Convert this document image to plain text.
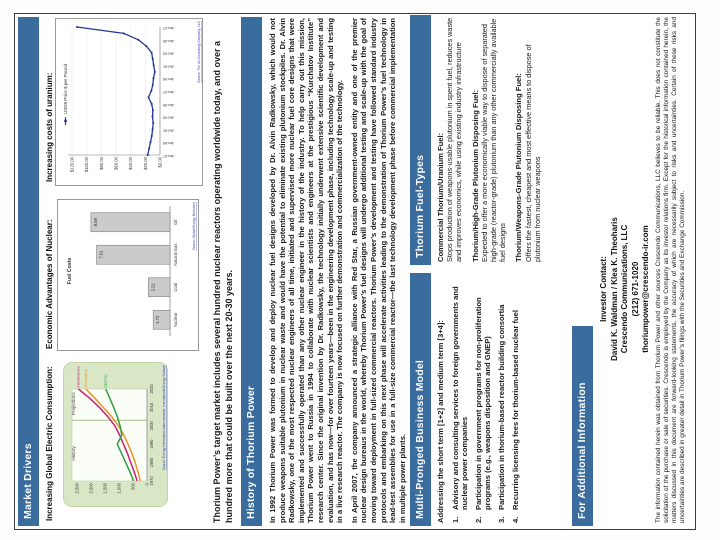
Market Drivers	Increasing Global Electric Consumption:
Economic Advantages of Nuclear:
Increasing costs of uranium:
0
500
1,000
1,500
2,000
2,500
1970
1980
1990
2000
2010
2020
History
Projections
Industrialized Developing	EE/FSU	Source: Energy Information Administration, International Energy Outlook
Fuel Costs
1.72	Nuclear
2.21	Coal
7.51	Natural Gas
8.09	Oil	Source: Global Energy Decisions
$0.00
$20.00
$40.00
$60.00
$80.00
$100.00
$120.00
U3O8 Price $ per Pound
Jan-87
Jan-89
Jan-91
Jan-93
Jan-95
Jan-97
Jan-99
Jan-01
Jan-03
Jan-05
Jan-07	Source: The Ux Consulting Company, LLC Thorium Power’s target market includes several hundred nuclear reactors operating worldwide today, and over a hundred more that could be built over the next 20-30 years.	History of Thorium Power	In 1992 Thorium Power was formed to develop and deploy nuclear fuel designs developed by Dr. Alvin Radkowsky, which would not produce weapons suitable plutonium in nuclear waste and would have the potential to eliminate existing plutonium stockpiles. Dr. Alvin Radkowsky, one of the most respected nuclear engineers of all time, initiated and supervised more nuclear fuel core designs that were implemented and successfully operated than any other nuclear engineer in the history of the industry. To help carry out this mission, Thorium Power went to Russia in 1994 to collaborate with nuclear scientists and engineers at the prestigious “Kurchatov Institute” research center. Since the original invention by Dr. Radkowsky, the technology initially underwent extensive scientific development and evaluation, and has now—for over fourteen years—been in the engineering development phase, including technology scale-up and testing in a live research reactor. The company is now focused on further demonstration and commercialization of the technology. In April 2007, the company announced a strategic alliance with Red Star, a Russian government-owned entity and one of the premier nuclear design bureaus in the world, whereby Thorium Power’s fuel designs will undergo additional testing and scale-up with the goal of moving toward deployment in full-sized commercial reactors. Thorium Power’s development and testing have followed standard industry protocols and embarking on this next phase will accelerate activities leading to the demonstration of Thorium Power’s fuel technology in lead-test assemblies for use in a full-size commercial reactor—the last technology development phase before commercial implementation in multiple power plants. Multi-Pronged Business Model
Thorium Fuel-Types
Addressing the short term [1+2] and medium term [3+4]: 1.
Advisory and consulting services to foreign governments and nuclear power companies
2.
Participation in government programs for non-proliferation programs (e.g., weapons disposition and GNEP)
3.
Participation in thorium-based reactor building consortia
4.
Recurring licensing fees for thorium-based nuclear fuel
Commercial Thorium/Uranium Fuel: Stops production of weapons-usable plutonium in spent fuel, reduces waste and improves economics, while using existing industry infrastructure Thorium/High-Grade Plutonium Disposing Fuel: Expected to offer a more economically viable way to dispose of separated high-grade (reactor-grade) plutonium than any other commercially available fuel designs Thorium/Weapons-Grade Plutonium Disposing Fuel: Offers the fastest, cheapest and most effective means to dispose of plutonium from nuclear weapons
For Additional Information
Investor Contact: David K. Waldman / Klea K. Theoharis Crescendo Communications, LLC (212) 671-1020 thoriumpower@crescendo-ir.com The information contained herein was obtained from Thorium Power and other sources Crescendo Communications, LLC believes to be reliable. This does not constitute the solicitation of the purchase or sale of securities. Crescendo is employed by the Company as its investor relations firm. Except for the historical information contained herein, the matters discussed in this document are forward-looking statements, the accuracy of which are necessarily subject to risks and uncertainties. Certain of these risks and uncertainties are described in greater detail in Thorium Power’s filings with the Securities and Exchange Commission.
